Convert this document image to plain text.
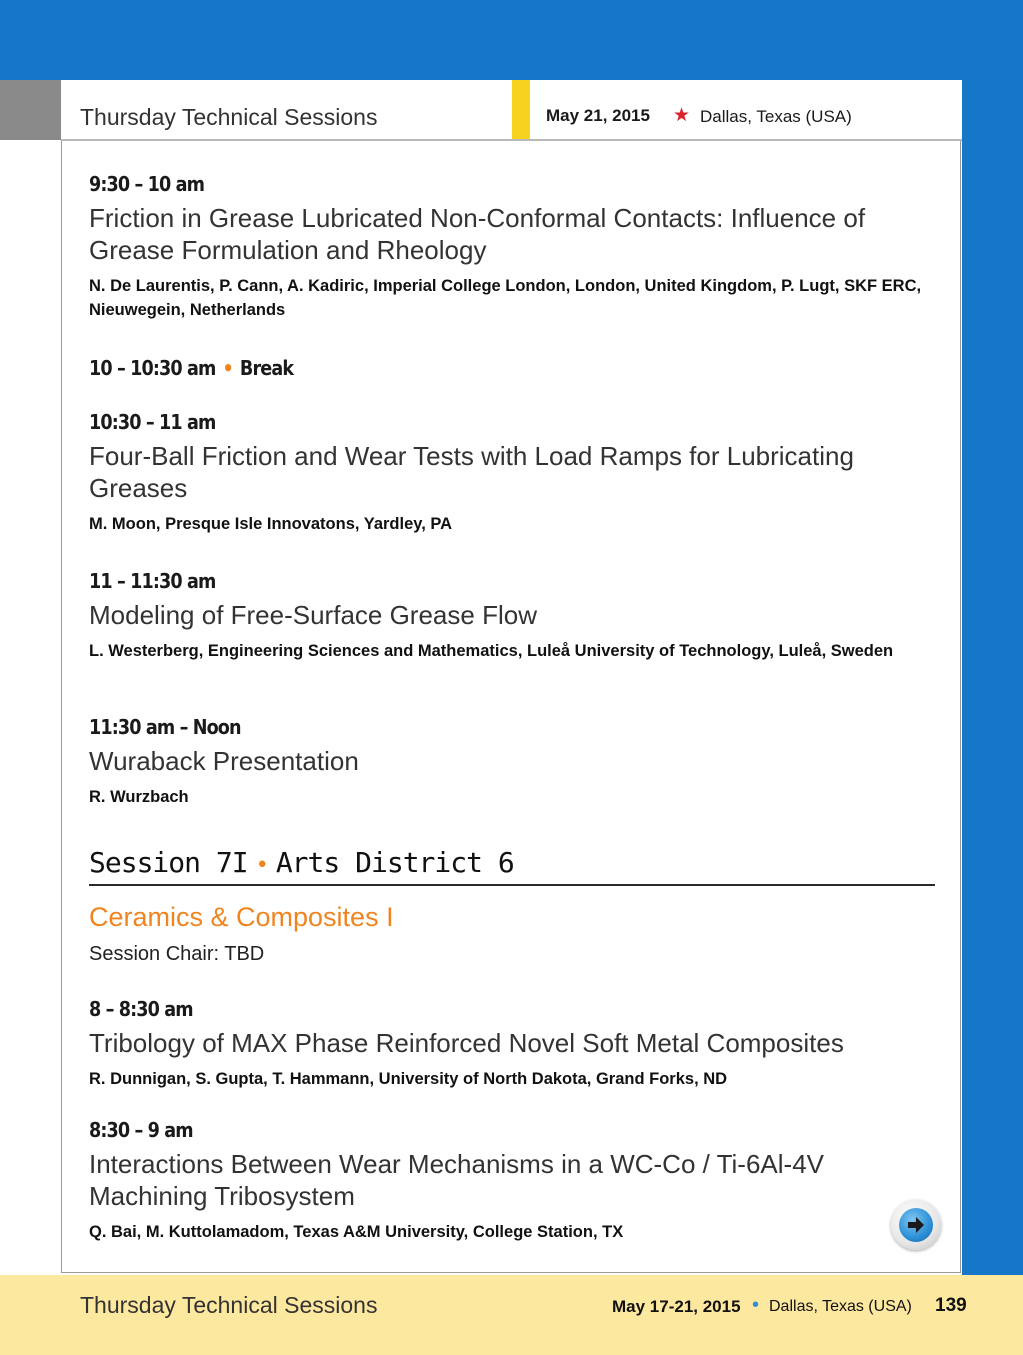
Thursday Technical Sessions	May 21, 2015 ★ Dallas, Texas (USA)
9:30 – 10 am
Friction in Grease Lubricated Non-Conformal Contacts: Influence of Grease Formulation and Rheology
N. De Laurentis, P. Cann, A. Kadiric, Imperial College London, London, United Kingdom, P. Lugt, SKF ERC, Nieuwegein, Netherlands
10 – 10:30 am • Break
10:30 – 11 am
Four-Ball Friction and Wear Tests with Load Ramps for Lubricating Greases
M. Moon, Presque Isle Innovatons, Yardley, PA
11 – 11:30 am
Modeling of Free-Surface Grease Flow
L. Westerberg, Engineering Sciences and Mathematics, Luleå University of Technology, Luleå, Sweden
11:30 am – Noon
Wuraback Presentation
R. Wurzbach
Session 7I • Arts District 6
Ceramics & Composites I
Session Chair: TBD
8 – 8:30 am
Tribology of MAX Phase Reinforced Novel Soft Metal Composites
R. Dunnigan, S. Gupta, T. Hammann, University of North Dakota, Grand Forks, ND
8:30 – 9 am
Interactions Between Wear Mechanisms in a WC-Co / Ti-6Al-4V Machining Tribosystem
Q. Bai, M. Kuttolamadom, Texas A&M University, College Station, TX
Thursday Technical Sessions	May 17-21, 2015 • Dallas, Texas (USA) 139
